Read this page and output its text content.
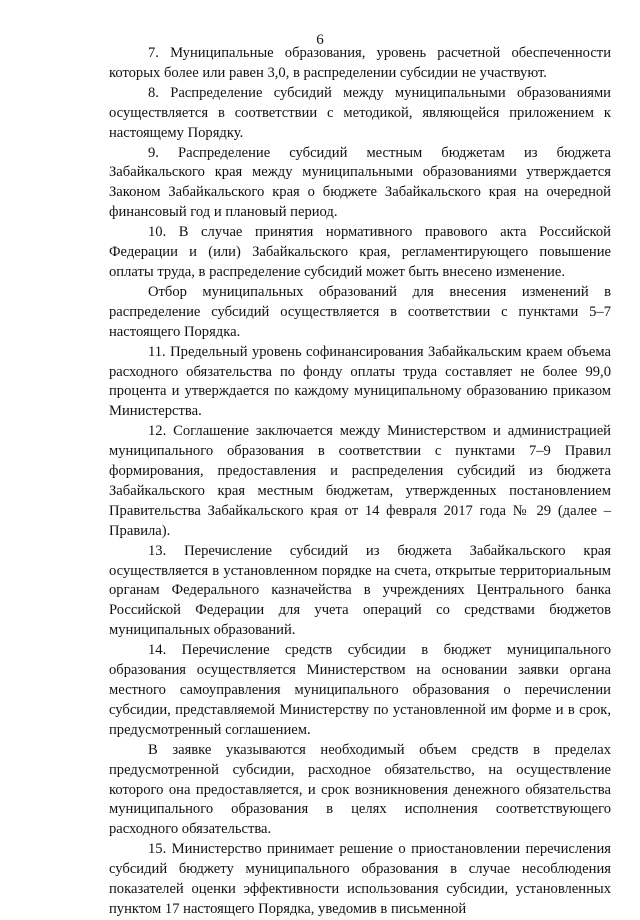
6

7. Муниципальные образования, уровень расчетной обеспеченности которых более или равен 3,0, в распределении субсидии не участвуют.

8. Распределение субсидий между муниципальными образованиями осуществляется в соответствии с методикой, являющейся приложением к настоящему Порядку.

9. Распределение субсидий местным бюджетам из бюджета Забайкальского края между муниципальными образованиями утверждается Законом Забайкальского края о бюджете Забайкальского края на очередной финансовый год и плановый период.

10. В случае принятия нормативного правового акта Российской Федерации и (или) Забайкальского края, регламентирующего повышение оплаты труда, в распределение субсидий может быть внесено изменение.

Отбор муниципальных образований для внесения изменений в распределение субсидий осуществляется в соответствии с пунктами 5–7 настоящего Порядка.

11. Предельный уровень софинансирования Забайкальским краем объема расходного обязательства по фонду оплаты труда составляет не более 99,0 процента и утверждается по каждому муниципальному образованию приказом Министерства.

12. Соглашение заключается между Министерством и администрацией муниципального образования в соответствии с пунктами 7–9 Правил формирования, предоставления и распределения субсидий из бюджета Забайкальского края местным бюджетам, утвержденных постановлением Правительства Забайкальского края от 14 февраля 2017 года № 29 (далее – Правила).

13. Перечисление субсидий из бюджета Забайкальского края осуществляется в установленном порядке на счета, открытые территориальным органам Федерального казначейства в учреждениях Центрального банка Российской Федерации для учета операций со средствами бюджетов муниципальных образований.

14. Перечисление средств субсидии в бюджет муниципального образования осуществляется Министерством на основании заявки органа местного самоуправления муниципального образования о перечислении субсидии, представляемой Министерству по установленной им форме и в срок, предусмотренный соглашением.

В заявке указываются необходимый объем средств в пределах предусмотренной субсидии, расходное обязательство, на осуществление которого она предоставляется, и срок возникновения денежного обязательства муниципального образования в целях исполнения соответствующего расходного обязательства.

15. Министерство принимает решение о приостановлении перечисления субсидий бюджету муниципального образования в случае несоблюдения показателей оценки эффективности использования субсидии, установленных пунктом 17 настоящего Порядка, уведомив в письменной
